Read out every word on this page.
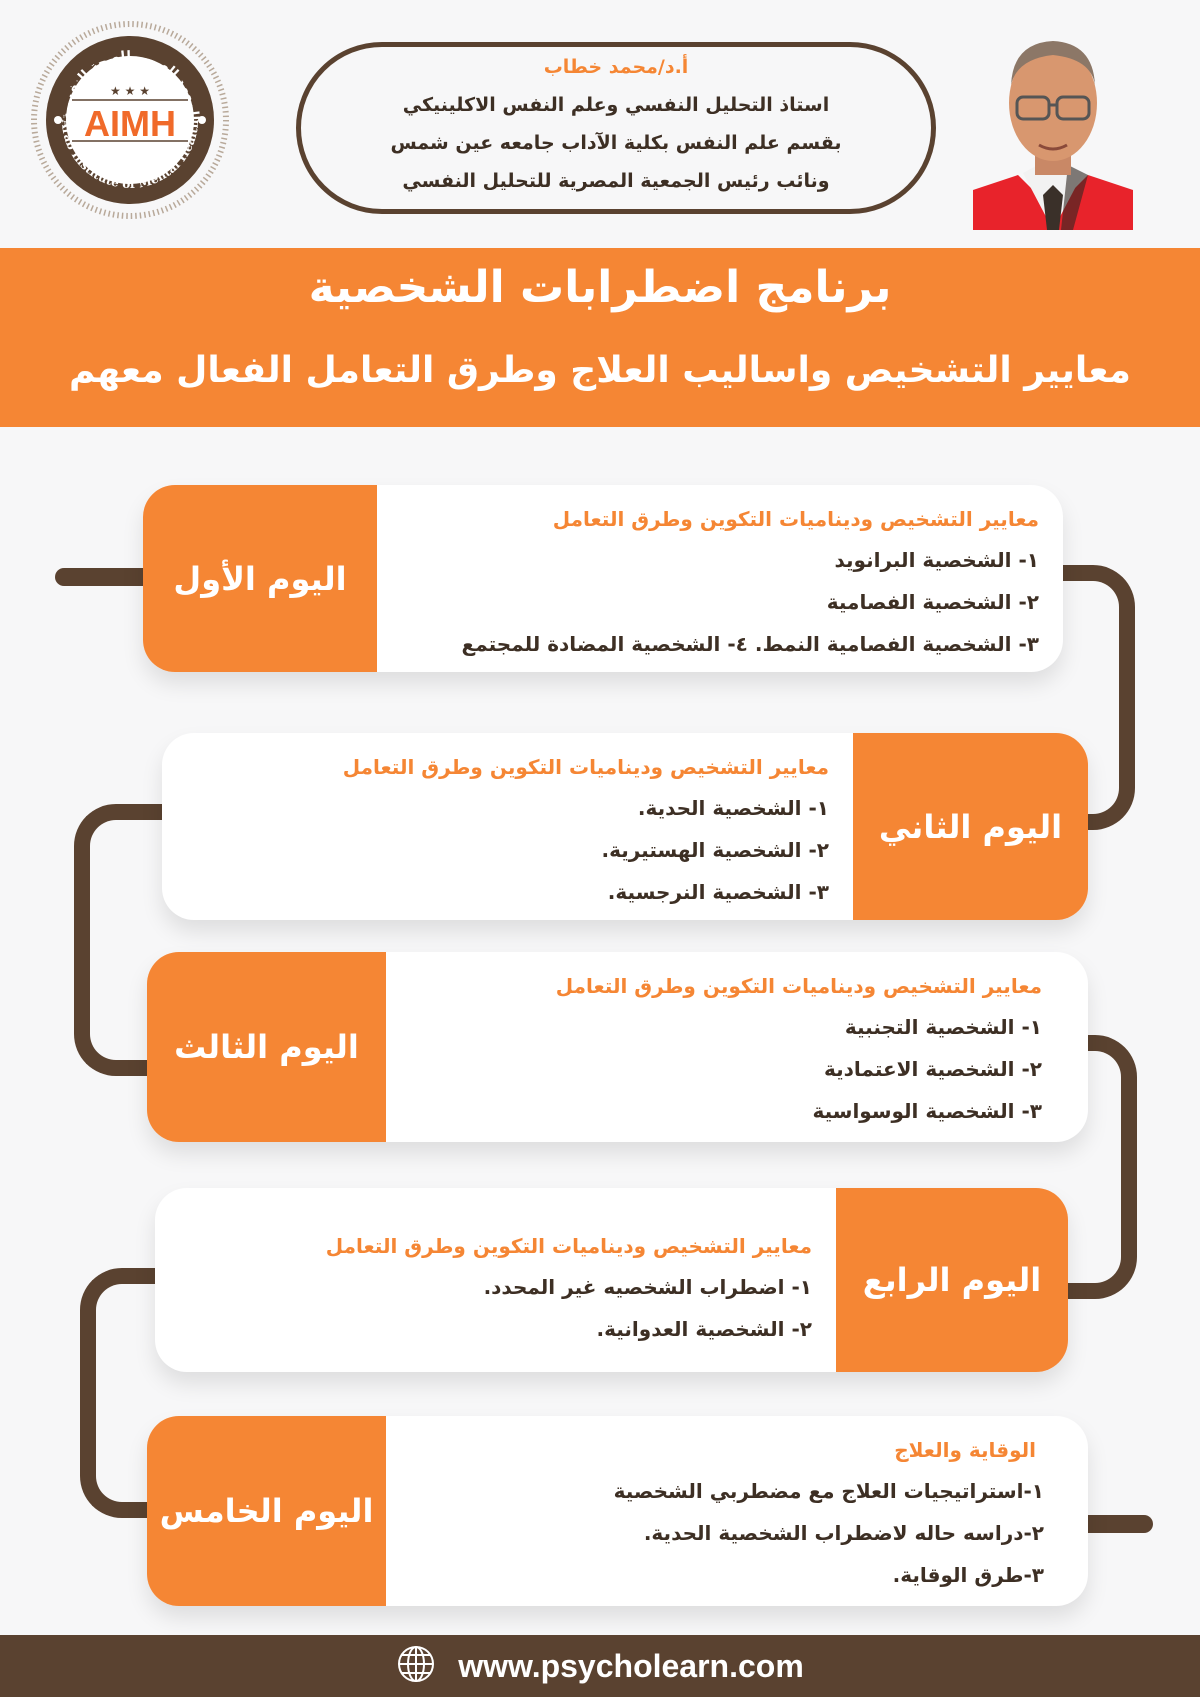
المعهد العربي للصحة النفسية
Arab Institute of Mental Health
★ ★ ★
AIMH
أ.د/محمد خطاب
استاذ التحليل النفسي وعلم النفس الاكلينيكي
بقسم علم النفس بكلية الآداب جامعه عين شمس
ونائب رئيس الجمعية المصرية للتحليل النفسي
برنامج اضطرابات الشخصية
معايير التشخيص واساليب العلاج وطرق التعامل الفعال معهم
اليوم الأول
معايير التشخيص وديناميات التكوين وطرق التعامل
١- الشخصية البرانويد
٢- الشخصية الفصامية
٣- الشخصية الفصامية النمط. ٤- الشخصية المضادة للمجتمع
معايير التشخيص وديناميات التكوين وطرق التعامل
١- الشخصية الحدية.
٢- الشخصية الهستيرية.
٣- الشخصية النرجسية.
اليوم الثاني
اليوم الثالث
معايير التشخيص وديناميات التكوين وطرق التعامل
١- الشخصية التجنبية
٢- الشخصية الاعتمادية
٣- الشخصية الوسواسية
معايير التشخيص وديناميات التكوين وطرق التعامل
١- اضطراب الشخصيه غير المحدد.
٢- الشخصية العدوانية.
اليوم الرابع
اليوم الخامس
الوقاية والعلاج
١-استراتيجيات العلاج مع مضطربي الشخصية
٢-دراسه حاله لاضطراب الشخصية الحدية.
٣-طرق الوقاية.
www.psycholearn.com
